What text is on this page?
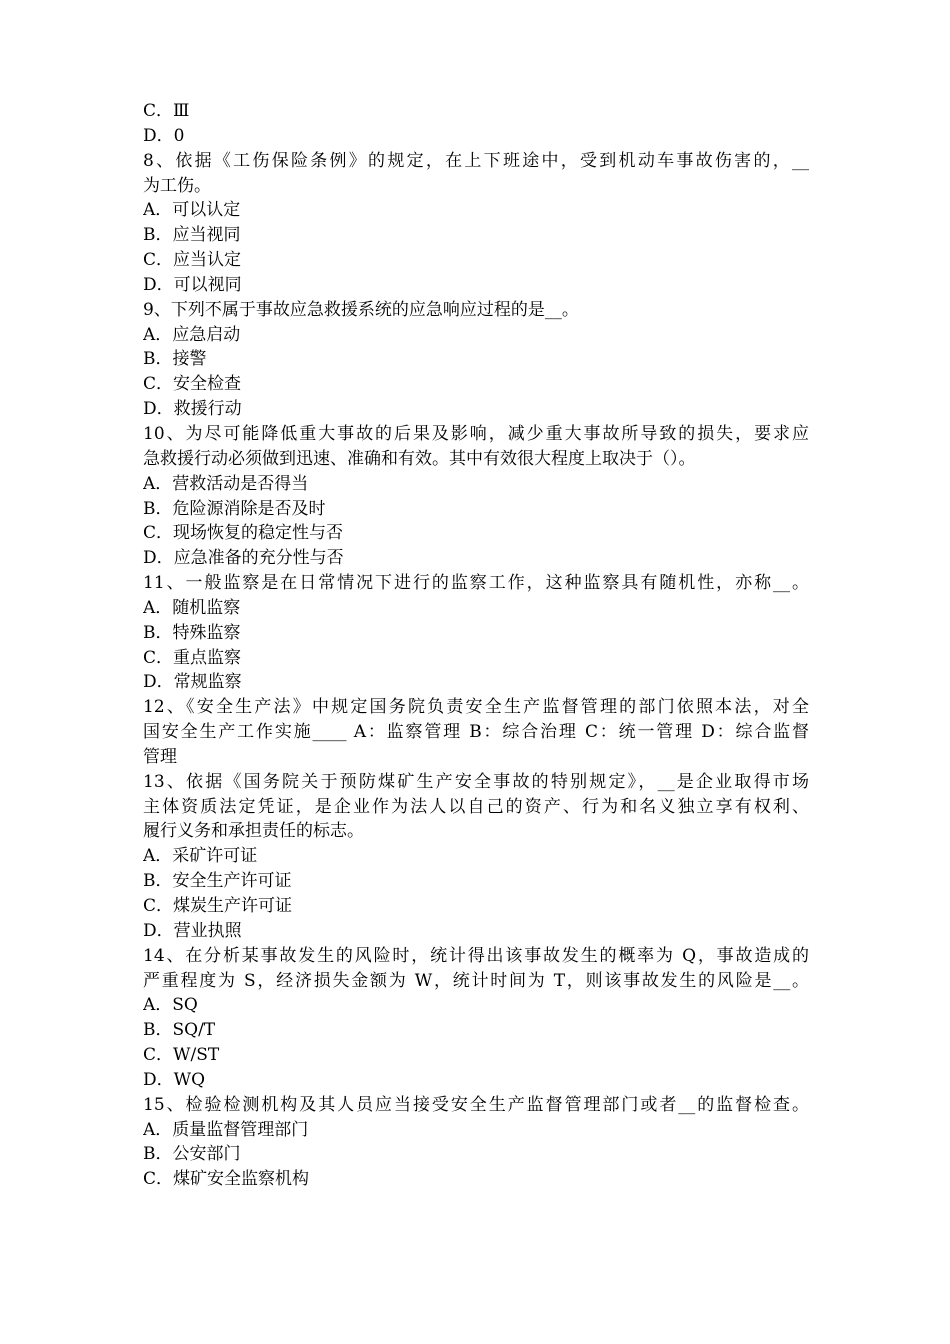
C．Ⅲ
D．0
8、依据《工伤保险条例》的规定，在上下班途中，受到机动车事故伤害的，__
为工伤。
A．可以认定
B．应当视同
C．应当认定
D．可以视同
9、下列不属于事故应急救援系统的应急响应过程的是__。
A．应急启动
B．接警
C．安全检查
D．救援行动
10、为尽可能降低重大事故的后果及影响，减少重大事故所导致的损失，要求应
急救援行动必须做到迅速、准确和有效。其中有效很大程度上取决于（）。
A．营救活动是否得当
B．危险源消除是否及时
C．现场恢复的稳定性与否
D．应急准备的充分性与否
11、一般监察是在日常情况下进行的监察工作，这种监察具有随机性，亦称__。
A．随机监察
B．特殊监察
C．重点监察
D．常规监察
12、《安全生产法》中规定国务院负责安全生产监督管理的部门依照本法，对全
国安全生产工作实施____ A：监察管理 B：综合治理 C：统一管理 D：综合监督
管理
13、依据《国务院关于预防煤矿生产安全事故的特别规定》，__是企业取得市场
主体资质法定凭证，是企业作为法人以自己的资产、行为和名义独立享有权利、
履行义务和承担责任的标志。
A．采矿许可证
B．安全生产许可证
C．煤炭生产许可证
D．营业执照
14、在分析某事故发生的风险时，统计得出该事故发生的概率为 Q，事故造成的
严重程度为 S，经济损失金额为 W，统计时间为 T，则该事故发生的风险是__。
A．SQ
B．SQ/T
C．W/ST
D．WQ
15、检验检测机构及其人员应当接受安全生产监督管理部门或者__的监督检查。
A．质量监督管理部门
B．公安部门
C．煤矿安全监察机构
